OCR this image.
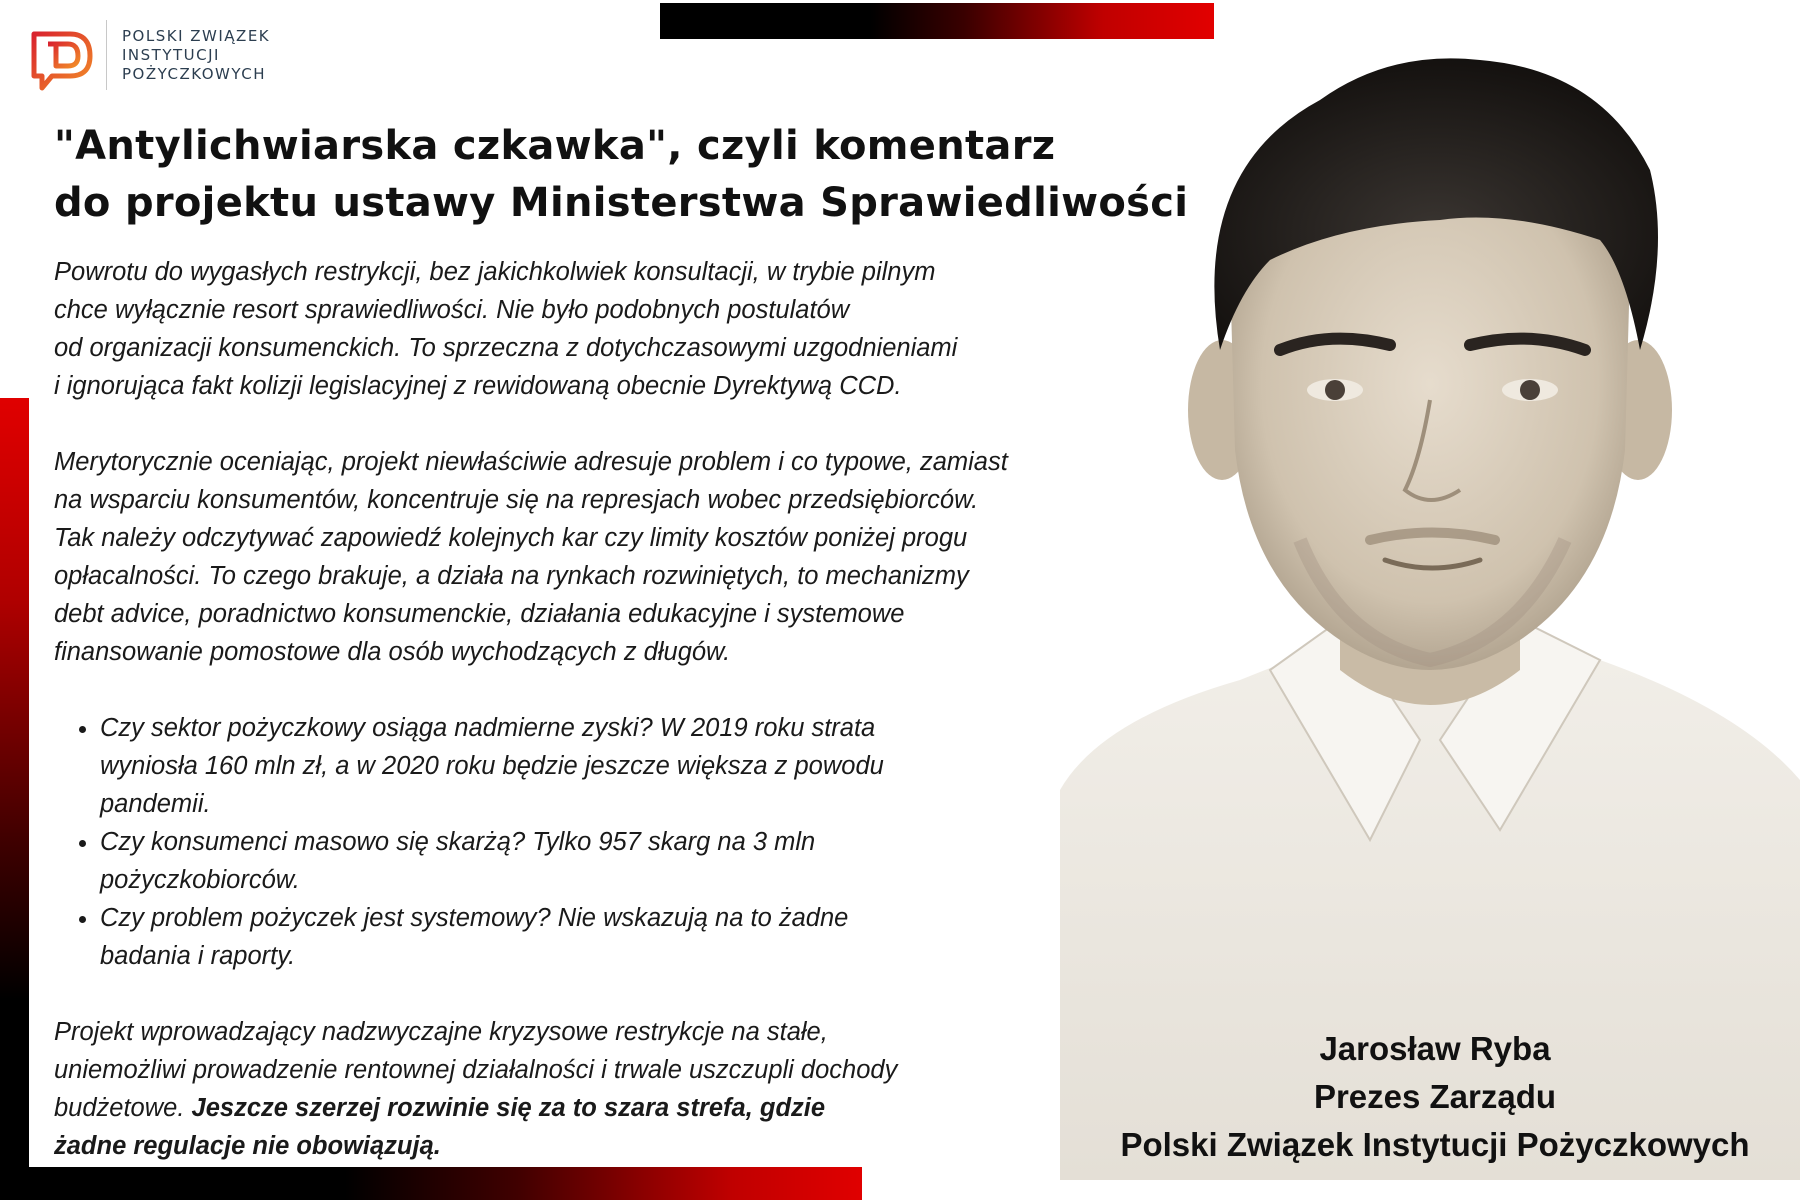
POLSKI ZWIĄZEK
INSTYTUCJI
POŻYCZKOWYCH
"Antylichwiarska czkawka", czyli komentarz
do projektu ustawy Ministerstwa Sprawiedliwości

Powrotu do wygasłych restrykcji, bez jakichkolwiek konsultacji, w trybie pilnym
chce wyłącznie resort sprawiedliwości. Nie było podobnych postulatów
od organizacji konsumenckich. To sprzeczna z dotychczasowymi uzgodnieniami
i ignorująca fakt kolizji legislacyjnej z rewidowaną obecnie Dyrektywą CCD.

Merytorycznie oceniając, projekt niewłaściwie adresuje problem i co typowe, zamiast
na wsparciu konsumentów, koncentruje się na represjach wobec przedsiębiorców.
Tak należy odczytywać zapowiedź kolejnych kar czy limity kosztów poniżej progu
opłacalności. To czego brakuje, a działa na rynkach rozwiniętych, to mechanizmy
debt advice, poradnictwo konsumenckie, działania edukacyjne i systemowe
finansowanie pomostowe dla osób wychodzących z długów.

• Czy sektor pożyczkowy osiąga nadmierne zyski? W 2019 roku strata
wyniosła 160 mln zł, a w 2020 roku będzie jeszcze większa z powodu
pandemii.
• Czy konsumenci masowo się skarżą? Tylko 957 skarg na 3 mln
pożyczkobiorców.
• Czy problem pożyczek jest systemowy? Nie wskazują na to żadne
badania i raporty.

Projekt wprowadzający nadzwyczajne kryzysowe restrykcje na stałe,
uniemożliwi prowadzenie rentownej działalności i trwale uszczupli dochody
budżetowe. Jeszcze szerzej rozwinie się za to szara strefa, gdzie
żadne regulacje nie obowiązują.

Jarosław Ryba
Prezes Zarządu
Polski Związek Instytucji Pożyczkowych
